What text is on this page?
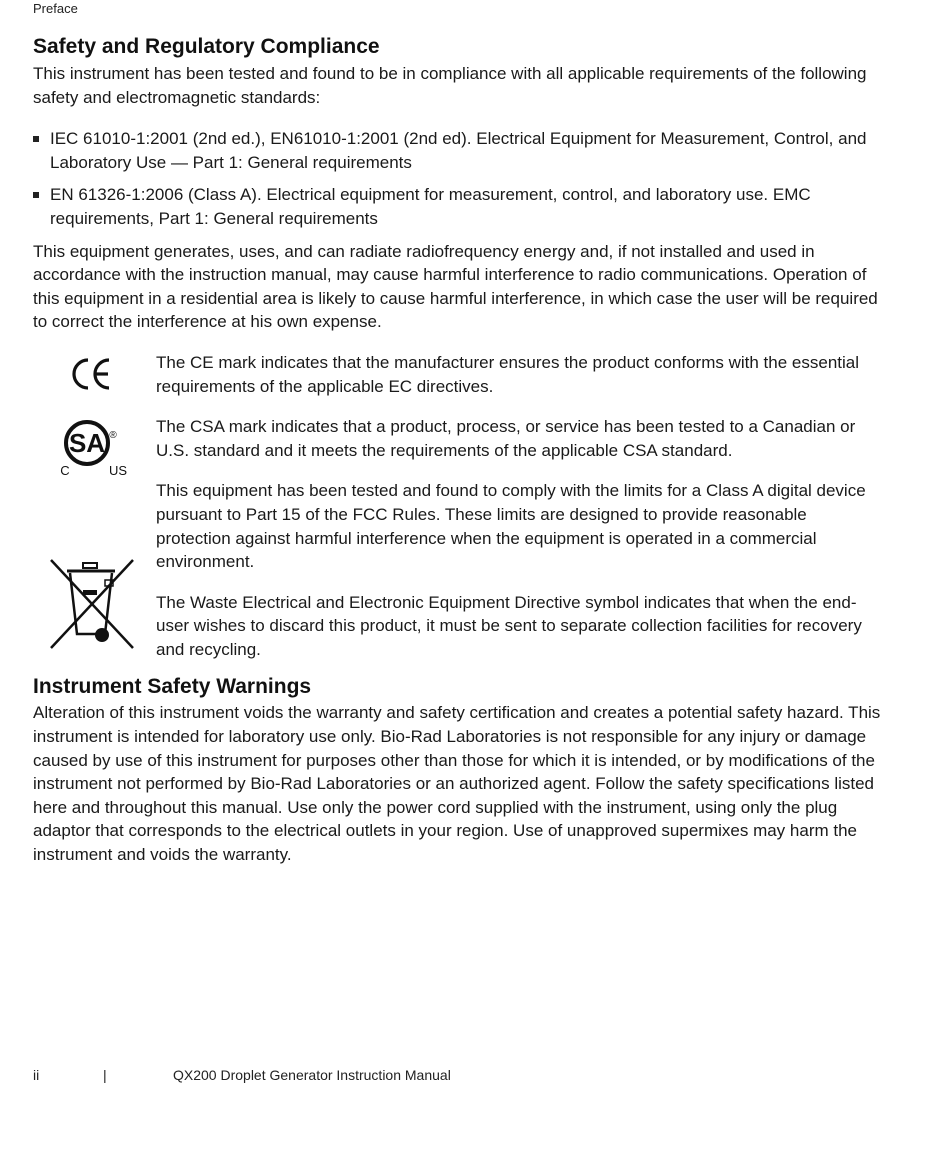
Preface
Safety and Regulatory Compliance

This instrument has been tested and found to be in compliance with all applicable requirements of the following safety and electromagnetic standards:

IEC 61010-1:2001 (2nd ed.), EN61010-1:2001 (2nd ed). Electrical Equipment for Measurement, Control, and Laboratory Use — Part 1: General requirements
EN 61326-1:2006 (Class A). Electrical equipment for measurement, control, and laboratory use. EMC requirements, Part 1: General requirements

This equipment generates, uses, and can radiate radiofrequency energy and, if not installed and used in accordance with the instruction manual, may cause harmful interference to radio communications. Operation of this equipment in a residential area is likely to cause harmful interference, in which case the user will be required to correct the interference at his own expense.

The CE mark indicates that the manufacturer ensures the product conforms with the essential requirements of the applicable EC directives.

SA ®
C	US

The CSA mark indicates that a product, process, or service has been tested to a Canadian or U.S. standard and it meets the requirements of the applicable CSA standard.

This equipment has been tested and found to comply with the limits for a Class A digital device pursuant to Part 15 of the FCC Rules. These limits are designed to provide reasonable protection against harmful interference when the equipment is operated in a commercial environment.

The Waste Electrical and Electronic Equipment Directive symbol indicates that when the end-user wishes to discard this product, it must be sent to separate collection facilities for recovery and recycling.

Instrument Safety Warnings

Alteration of this instrument voids the warranty and safety certification and creates a potential safety hazard. This instrument is intended for laboratory use only. Bio-Rad Laboratories is not responsible for any injury or damage caused by use of this instrument for purposes other than those for which it is intended, or by modifications of the instrument not performed by Bio-Rad Laboratories or an authorized agent. Follow the safety specifications listed here and throughout this manual. Use only the power cord supplied with the instrument, using only the plug adaptor that corresponds to the electrical outlets in your region. Use of unapproved supermixes may harm the instrument and voids the warranty.

ii	|	QX200 Droplet Generator Instruction Manual
